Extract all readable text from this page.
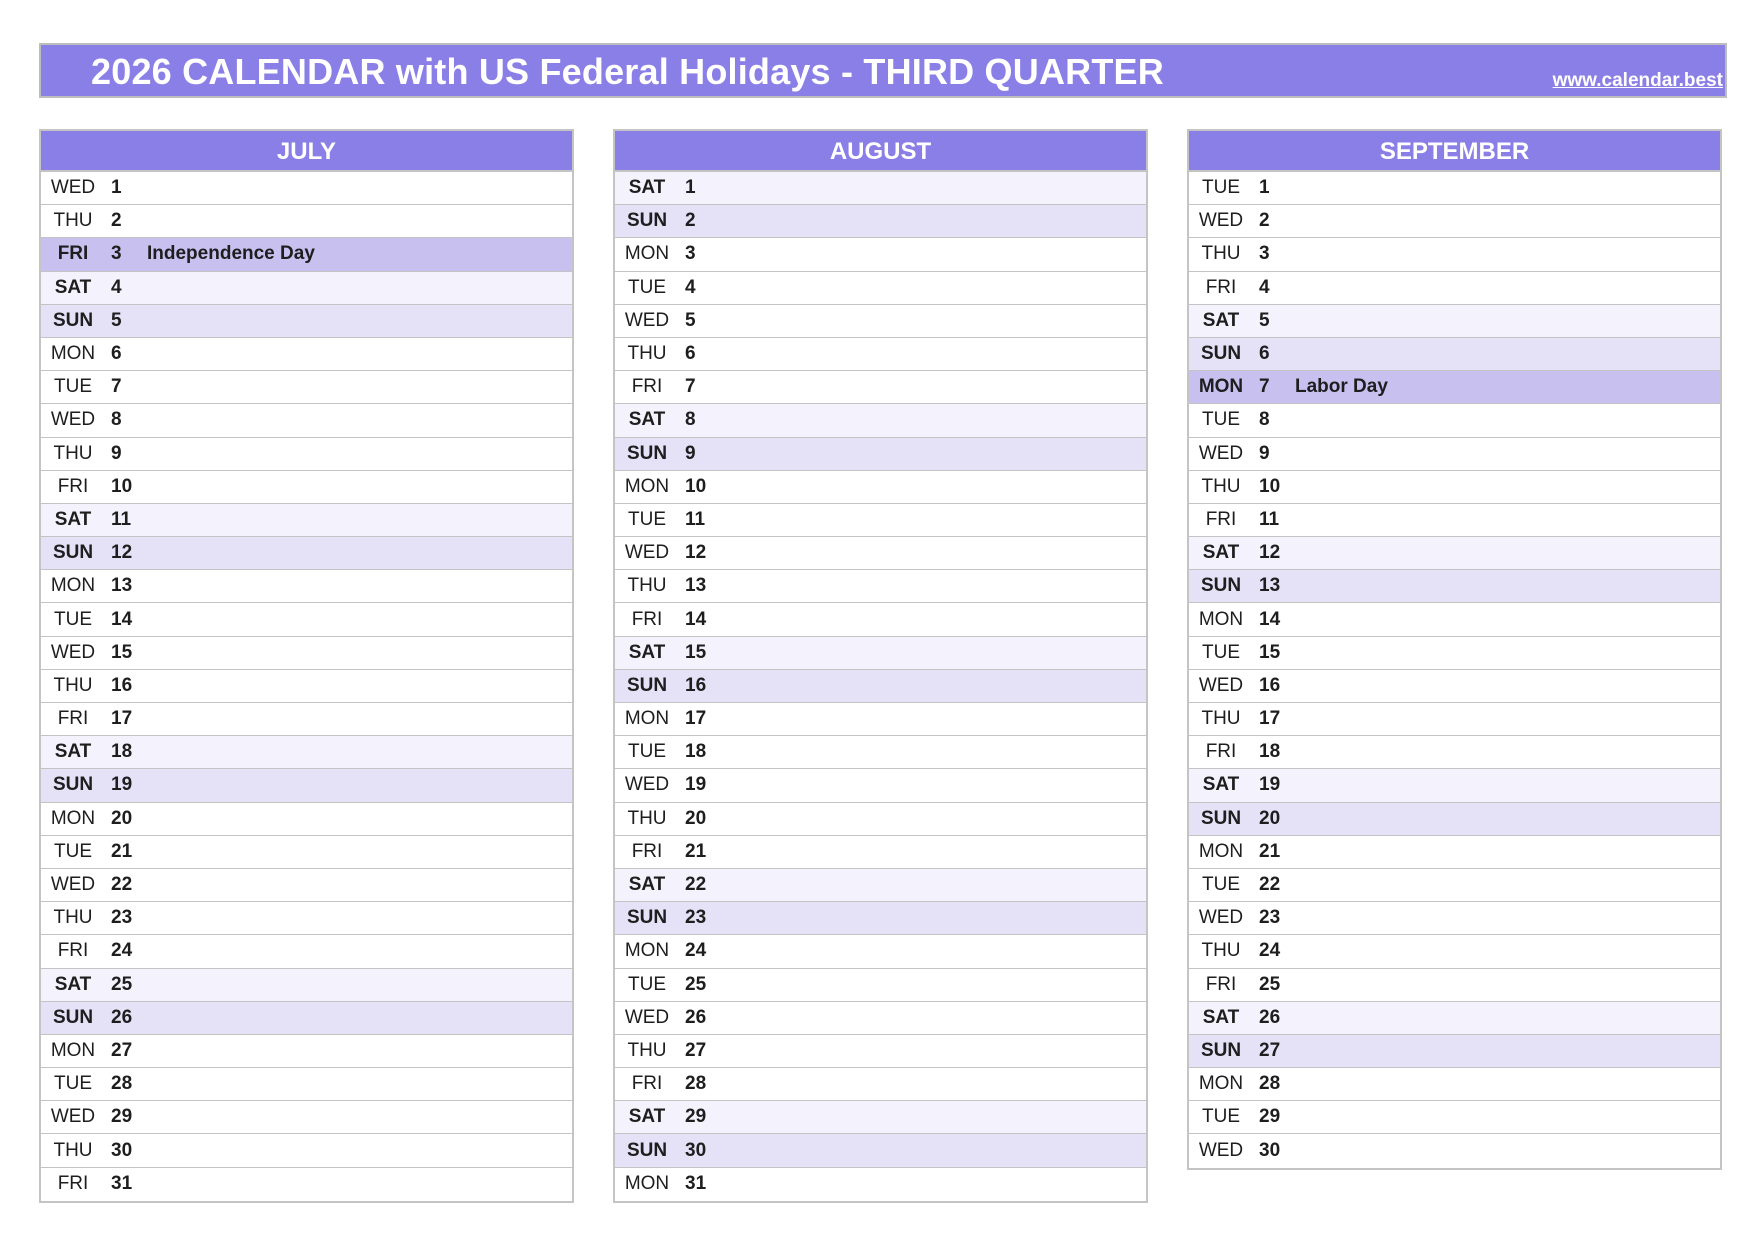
2026 CALENDAR with US Federal Holidays - THIRD QUARTER	www.calendar.best
JULY
WED 1
THU 2
FRI	3	Independence Day
SAT	4
SUN 5
MON 6
TUE	7
WED 8
THU 9
FRI	10
SAT	11
SUN 12
MON 13
TUE	14
WED 15
THU 16
FRI	17
SAT	18
SUN 19
MON 20
TUE	21
WED 22
THU 23
FRI	24
SAT	25
SUN 26
MON 27
TUE	28
WED 29
THU 30
FRI	31
AUGUST
SAT	1
SUN 2
MON 3
TUE	4
WED 5
THU 6
FRI	7
SAT	8
SUN 9
MON 10
TUE	11
WED 12
THU 13
FRI	14
SAT	15
SUN 16
MON 17
TUE	18
WED 19
THU 20
FRI	21
SAT	22
SUN 23
MON 24
TUE	25
WED 26
THU 27
FRI	28
SAT	29
SUN 30
MON 31
SEPTEMBER
TUE	1
WED 2
THU 3
FRI	4
SAT	5
SUN 6
MON 7	Labor Day
TUE	8
WED 9
THU 10
FRI	11
SAT	12
SUN 13
MON 14
TUE	15
WED 16
THU 17
FRI	18
SAT	19
SUN 20
MON 21
TUE	22
WED 23
THU 24
FRI	25
SAT	26
SUN 27
MON 28
TUE	29
WED 30
